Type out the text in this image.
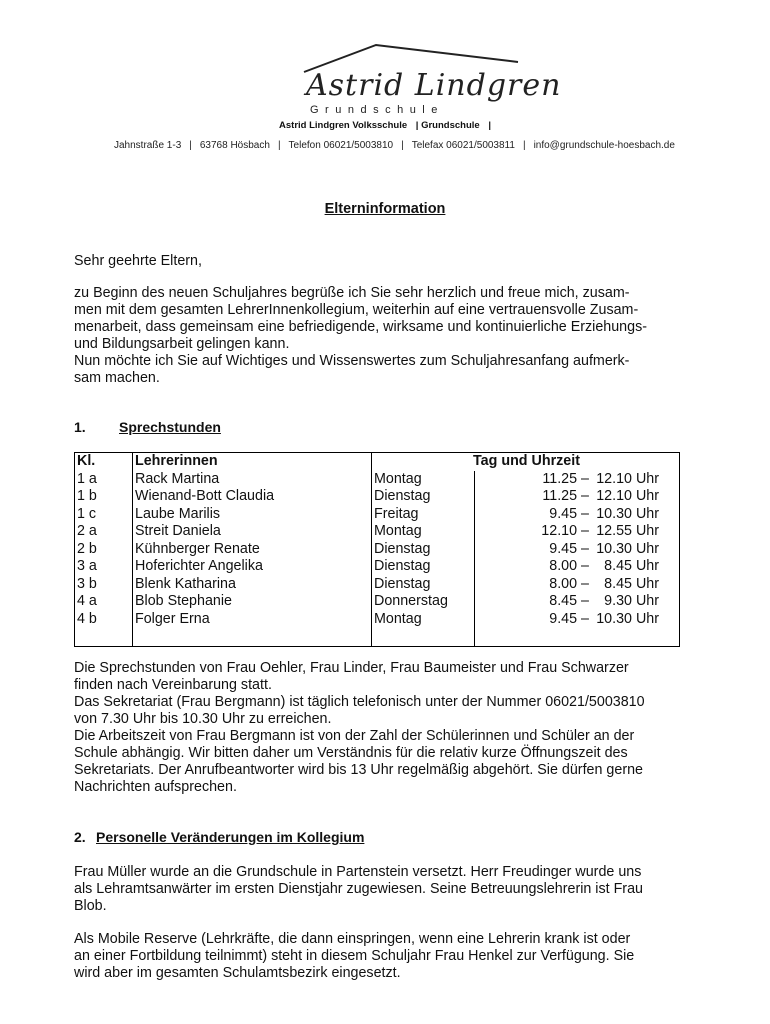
Astrid Lindgren
Grundschule
Astrid Lindgren Volksschule | Grundschule |
Jahnstraße 1-3 | 63768 Hösbach | Telefon 06021/5003810 | Telefax 06021/5003811 | info@grundschule-hoesbach.de
Elterninformation
Sehr geehrte Eltern,
zu Beginn des neuen Schuljahres begrüße ich Sie sehr herzlich und freue mich, zusam-
men mit dem gesamten LehrerInnenkollegium, weiterhin auf eine vertrauensvolle Zusam-
menarbeit, dass gemeinsam eine befriedigende, wirksame und kontinuierliche Erziehungs-
und Bildungsarbeit gelingen kann.
Nun möchte ich Sie auf Wichtiges und Wissenswertes zum Schuljahresanfang aufmerk-
sam machen.
1. Sprechstunden
Kl.	Lehrerinnen	Tag und Uhrzeit	
1 a	Rack Martina	Montag	11.25 – 12.10 Uhr
1 b	Wienand-Bott Claudia	Dienstag	11.25 – 12.10 Uhr
1 c	Laube Marilis	Freitag	9.45 – 10.30 Uhr
2 a	Streit Daniela	Montag	12.10 – 12.55 Uhr
2 b	Kühnberger Renate	Dienstag	9.45 – 10.30 Uhr
3 a	Hoferichter Angelika	Dienstag	8.00 – 8.45 Uhr
3 b	Blenk Katharina	Dienstag	8.00 – 8.45 Uhr
4 a	Blob Stephanie	Donnerstag	8.45 – 9.30 Uhr
4 b	Folger Erna	Montag	9.45 – 10.30 Uhr

Die Sprechstunden von Frau Oehler, Frau Linder, Frau Baumeister und Frau Schwarzer
finden nach Vereinbarung statt.
Das Sekretariat (Frau Bergmann) ist täglich telefonisch unter der Nummer 06021/5003810
von 7.30 Uhr bis 10.30 Uhr zu erreichen.
Die Arbeitszeit von Frau Bergmann ist von der Zahl der Schülerinnen und Schüler an der
Schule abhängig. Wir bitten daher um Verständnis für die relativ kurze Öffnungszeit des
Sekretariats. Der Anrufbeantworter wird bis 13 Uhr regelmäßig abgehört. Sie dürfen gerne
Nachrichten aufsprechen.
2. Personelle Veränderungen im Kollegium
Frau Müller wurde an die Grundschule in Partenstein versetzt. Herr Freudinger wurde uns
als Lehramtsanwärter im ersten Dienstjahr zugewiesen. Seine Betreuungslehrerin ist Frau
Blob.
Als Mobile Reserve (Lehrkräfte, die dann einspringen, wenn eine Lehrerin krank ist oder
an einer Fortbildung teilnimmt) steht in diesem Schuljahr Frau Henkel zur Verfügung. Sie
wird aber im gesamten Schulamtsbezirk eingesetzt.
